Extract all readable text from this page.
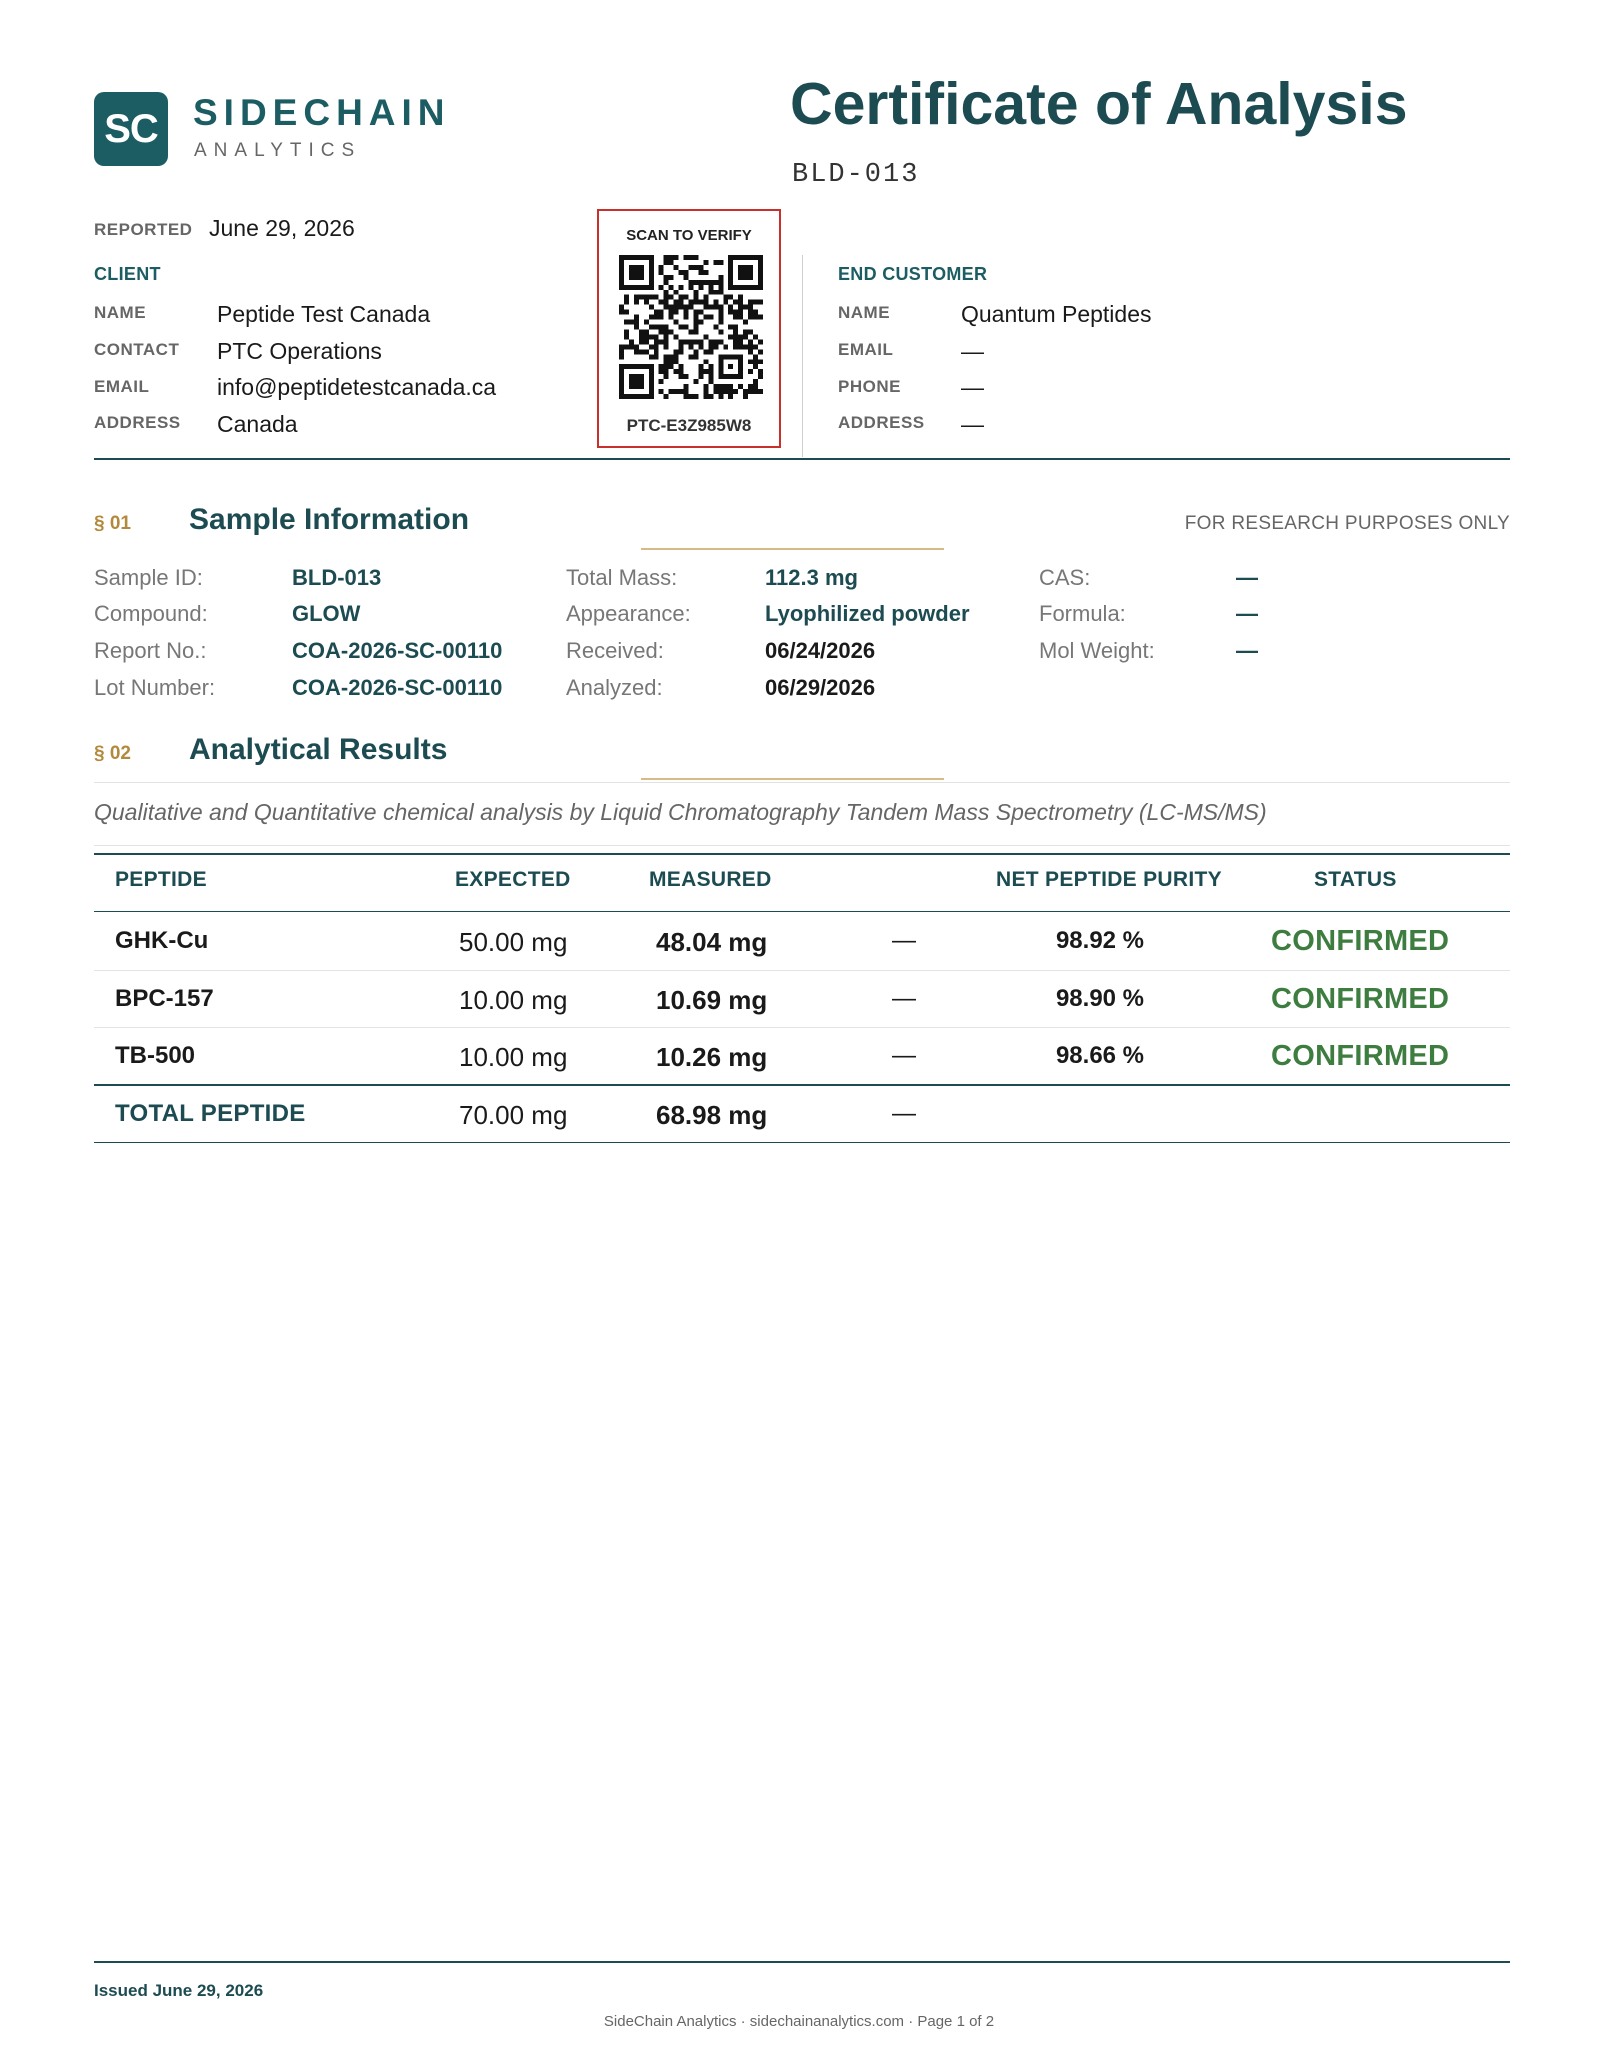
SC SIDECHAIN
ANALYTICS
Certificate of Analysis
BLD-013
REPORTED June 29, 2026
CLIENT
NAME	Peptide Test Canada
CONTACT PTC Operations
EMAIL	info@peptidetestcanada.ca
ADDRESS Canada
SCAN TO VERIFY
PTC-E3Z985W8
END CUSTOMER
NAME	Quantum Peptides
EMAIL	—
PHONE	—
ADDRESS —
§ 01 Sample Information	FOR RESEARCH PURPOSES ONLY
Sample ID:	BLD-013
Compound:	GLOW
Report No.:	COA-2026-SC-00110
Lot Number:	COA-2026-SC-00110
Total Mass:	112.3 mg
Appearance:	Lyophilized powder
Received:	06/24/2026
Analyzed:	06/29/2026
CAS:	—
Formula:	—
Mol Weight:	—
§ 02 Analytical Results
Qualitative and Quantitative chemical analysis by Liquid Chromatography Tandem Mass Spectrometry (LC-MS/MS)
PEPTIDE	EXPECTED	MEASURED	NET PEPTIDE PURITY	STATUS
GHK-Cu	50.00 mg	48.04 mg	—	98.92 %	CONFIRMED
BPC-157	10.00 mg	10.69 mg	—	98.90 %	CONFIRMED
TB-500	10.00 mg	10.26 mg	—	98.66 %	CONFIRMED
TOTAL PEPTIDE	70.00 mg	68.98 mg	—
Issued June 29, 2026
SideChain Analytics · sidechainanalytics.com · Page 1 of 2
